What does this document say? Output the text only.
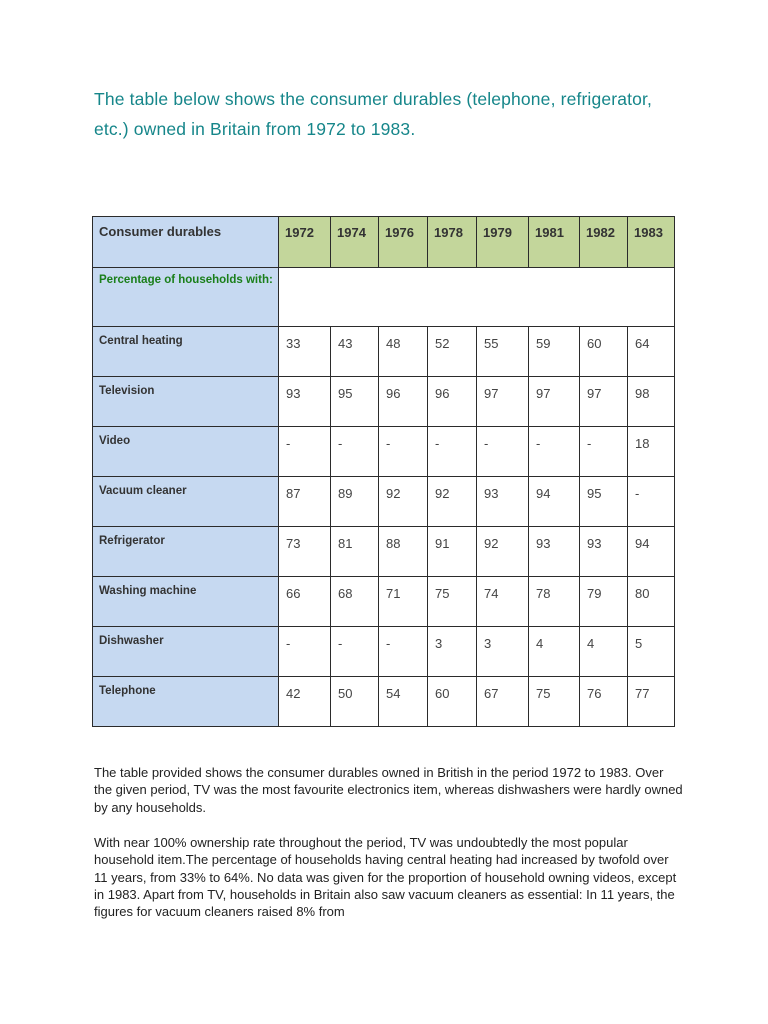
The table below shows the consumer durables (telephone, refrigerator, etc.) owned in Britain from 1972 to 1983.
Consumer durables	1972	1974	1976	1978	1979	1981	1982	1983
Percentage of households with:								
Central heating	33	43	48	52	55	59	60	64
Television	93	95	96	96	97	97	97	98
Video	-	-	-	-	-	-	-	18
Vacuum cleaner	87	89	92	92	93	94	95	-
Refrigerator	73	81	88	91	92	93	93	94
Washing machine	66	68	71	75	74	78	79	80
Dishwasher	-	-	-	3	3	4	4	5
Telephone	42	50	54	60	67	75	76	77

The table provided shows the consumer durables owned in British in the period 1972 to 1983. Over the given period, TV was the most favourite electronics item, whereas dishwashers were hardly owned by any households.

With near 100% ownership rate throughout the period, TV was undoubtedly the most popular household item.The percentage of households having central heating had increased by twofold over 11 years, from 33% to 64%. No data was given for the proportion of household owning videos, except in 1983. Apart from TV, households in Britain also saw vacuum cleaners as essential: In 11 years, the figures for vacuum cleaners raised 8% from
